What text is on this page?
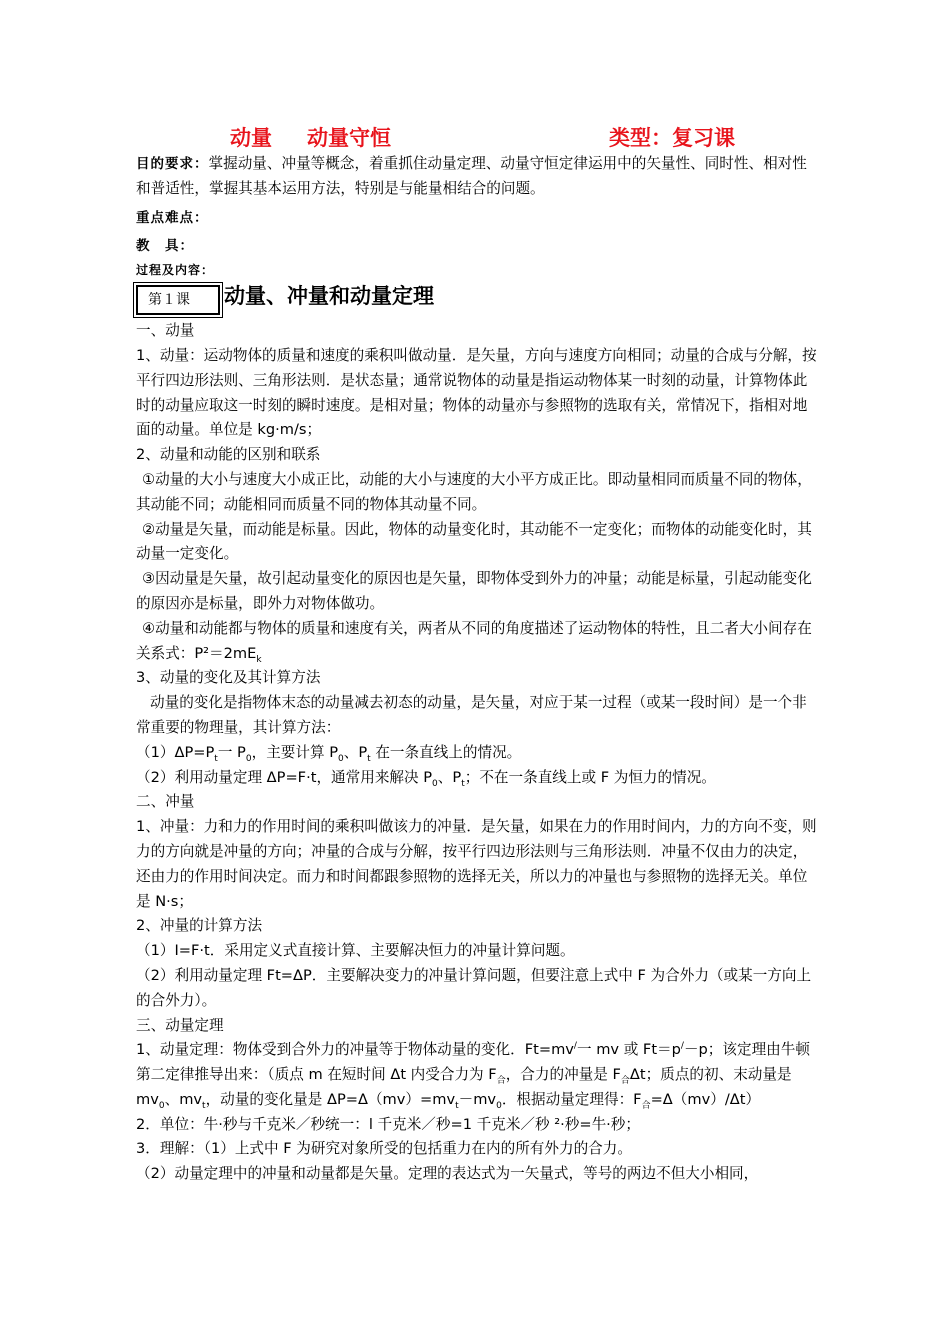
动量 动量守恒	类型：复习课

目的要求：掌握动量、冲量等概念，着重抓住动量定理、动量守恒定律运用中的矢量性、同时性、相对性和普适性，掌握其基本运用方法，特别是与能量相结合的问题。

重点难点：

教　具：

过程及内容：

第１课	动量、冲量和动量定理

一、动量

1、动量：运动物体的质量和速度的乘积叫做动量．是矢量，方向与速度方向相同；动量的合成与分解，按平行四边形法则、三角形法则．是状态量；通常说物体的动量是指运动物体某一时刻的动量，计算物体此时的动量应取这一时刻的瞬时速度。是相对量；物体的动量亦与参照物的选取有关，常情况下，指相对地面的动量。单位是 kg·m/s；

2、动量和动能的区别和联系

①动量的大小与速度大小成正比，动能的大小与速度的大小平方成正比。即动量相同而质量不同的物体，其动能不同；动能相同而质量不同的物体其动量不同。

②动量是矢量，而动能是标量。因此，物体的动量变化时，其动能不一定变化；而物体的动能变化时，其动量一定变化。

③因动量是矢量，故引起动量变化的原因也是矢量，即物体受到外力的冲量；动能是标量，引起动能变化的原因亦是标量，即外力对物体做功。

④动量和动能都与物体的质量和速度有关，两者从不同的角度描述了运动物体的特性，且二者大小间存在关系式：$P^2=2mE_k$

3、动量的变化及其计算方法

动量的变化是指物体末态的动量减去初态的动量，是矢量，对应于某一过程（或某一段时间）是一个非常重要的物理量，其计算方法：

$(1)\Delta P=P_t$一 $P_0$，主要计算 $P_0$、$P_t$ 在一条直线上的情况。

（2）利用动量定理 ΔP=F·t，通常用来解决 $P_0$、$P_t$；不在一条直线上或 F 为恒力的情况。

二、冲量

1、冲量：力和力的作用时间的乘积叫做该力的冲量．是矢量，如果在力的作用时间内，力的方向不变，则力的方向就是冲量的方向；冲量的合成与分解，按平行四边形法则与三角形法则．冲量不仅由力的决定，还由力的作用时间决定。而力和时间都跟参照物的选择无关，所以力的冲量也与参照物的选择无关。单位是 N·s；

2、冲量的计算方法

（1）I=F·t．采用定义式直接计算、主要解决恒力的冲量计算问题。

（2）利用动量定理 Ft=ΔP．主要解决变力的冲量计算问题，但要注意上式中 F 为合外力（或某一方向上的合外力）。

三、动量定理

1、动量定理：物体受到合外力的冲量等于物体动量的变化．Ft=mv/一 mv 或 Ft＝p/－p；该定理由牛顿第二定律推导出来：（质点 m 在短时间 Δt 内受合力为 $F_合$，合力的冲量是 $F_合\Delta t$；质点的初、末动量是 $mv_0$、$mv_t$，动量的变化量是 $\Delta P=\Delta(mv)=mv_t-mv_0$．根据动量定理得：$F_合=\Delta(mv)/\Delta t$）

2．单位：牛·秒与千克米／秒统一：l 千克米／秒=1 千克米／秒 ²·秒=牛·秒；

3．理解：（1）上式中 F 为研究对象所受的包括重力在内的所有外力的合力。

（2）动量定理中的冲量和动量都是矢量。定理的表达式为一矢量式，等号的两边不但大小相同，
